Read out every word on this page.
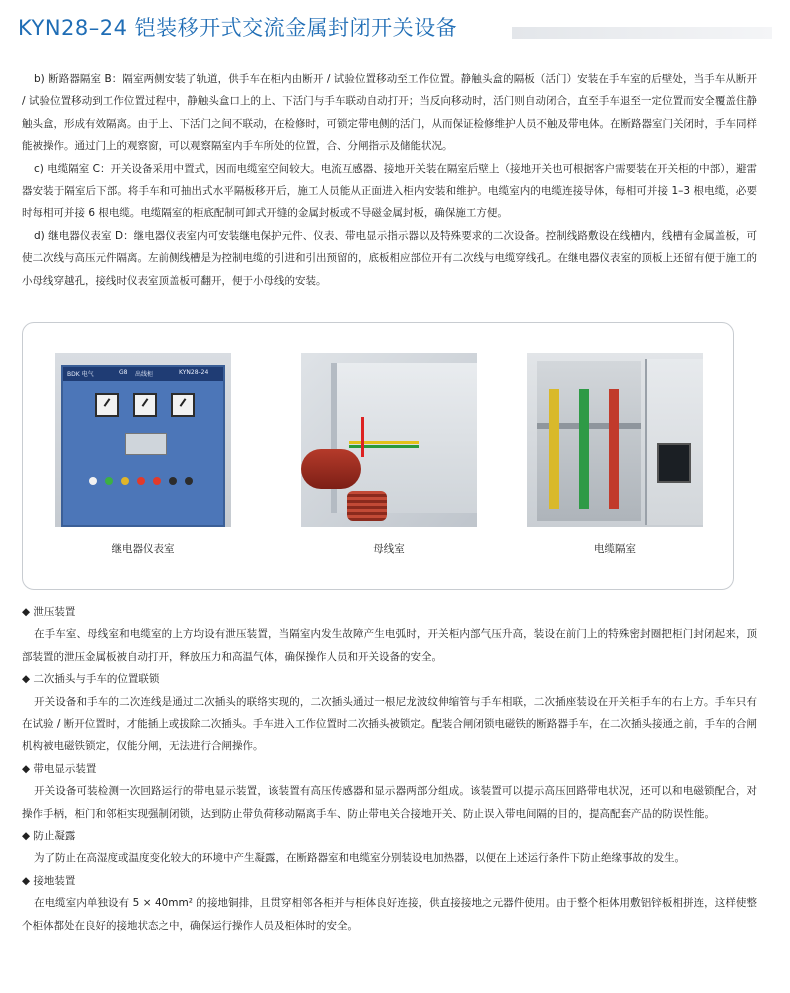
KYN28–24 铠装移开式交流金属封闭开关设备

b) 断路器隔室 B：隔室两侧安装了轨道，供手车在柜内由断开 / 试验位置移动至工作位置。静触头盒的隔板（活门）安装在手车室的后壁处，当手车从断开 / 试验位置移动到工作位置过程中，静触头盒口上的上、下活门与手车联动自动打开；当反向移动时，活门则自动闭合，直至手车退至一定位置而安全覆盖住静触头盒，形成有效隔离。由于上、下活门之间不联动，在检修时，可锁定带电侧的活门，从而保证检修维护人员不触及带电体。在断路器室门关闭时，手车同样能被操作。通过门上的观察窗，可以观察隔室内手车所处的位置，合、分闸指示及储能状况。

c) 电缆隔室 C：开关设备采用中置式，因而电缆室空间较大。电流互感器、接地开关装在隔室后壁上（接地开关也可根据客户需要装在开关柜的中部），避雷器安装于隔室后下部。将手车和可抽出式水平隔板移开后，施工人员能从正面进入柜内安装和维护。电缆室内的电缆连接导体，每相可并接 1–3 根电缆，必要时每相可并接 6 根电缆。电缆隔室的柜底配制可卸式开缝的金属封板或不导磁金属封板，确保施工方便。

d) 继电器仪表室 D：继电器仪表室内可安装继电保护元件、仪表、带电显示指示器以及特殊要求的二次设备。控制线路敷设在线槽内，线槽有金属盖板，可使二次线与高压元件隔离。左前侧线槽是为控制电缆的引进和引出预留的，底板相应部位开有二次线与电缆穿线孔。在继电器仪表室的顶板上还留有便于施工的小母线穿越孔，接线时仪表室顶盖板可翻开，便于小母线的安装。

BDK 电气	G8 出线柜	KYN28-24

继电器仪表室	母线室	电缆隔室

◆ 泄压装置

在手车室、母线室和电缆室的上方均设有泄压装置，当隔室内发生故障产生电弧时，开关柜内部气压升高，装设在前门上的特殊密封圈把柜门封闭起来，顶部装置的泄压金属板被自动打开，释放压力和高温气体，确保操作人员和开关设备的安全。

◆ 二次插头与手车的位置联锁

开关设备和手车的二次连线是通过二次插头的联络实现的，二次插头通过一根尼龙波纹伸缩管与手车相联，二次插座装设在开关柜手车的右上方。手车只有在试验 / 断开位置时，才能插上或拔除二次插头。手车进入工作位置时二次插头被锁定。配装合闸闭锁电磁铁的断路器手车，在二次插头接通之前，手车的合闸机构被电磁铁锁定，仅能分闸，无法进行合闸操作。

◆ 带电显示装置

开关设备可装检测一次回路运行的带电显示装置，该装置有高压传感器和显示器两部分组成。该装置可以提示高压回路带电状况，还可以和电磁锁配合，对操作手柄，柜门和邻柜实现强制闭锁，达到防止带负荷移动隔离手车、防止带电关合接地开关、防止误入带电间隔的目的，提高配套产品的防误性能。

◆ 防止凝露

为了防止在高湿度或温度变化较大的环境中产生凝露，在断路器室和电缆室分别装设电加热器，以便在上述运行条件下防止绝缘事故的发生。

◆ 接地装置

在电缆室内单独设有 5 × 40mm² 的接地铜排，且贯穿相邻各柜并与柜体良好连接，供直接接地之元器件使用。由于整个柜体用敷铝锌板相拼连，这样使整个柜体都处在良好的接地状态之中，确保运行操作人员及柜体时的安全。
